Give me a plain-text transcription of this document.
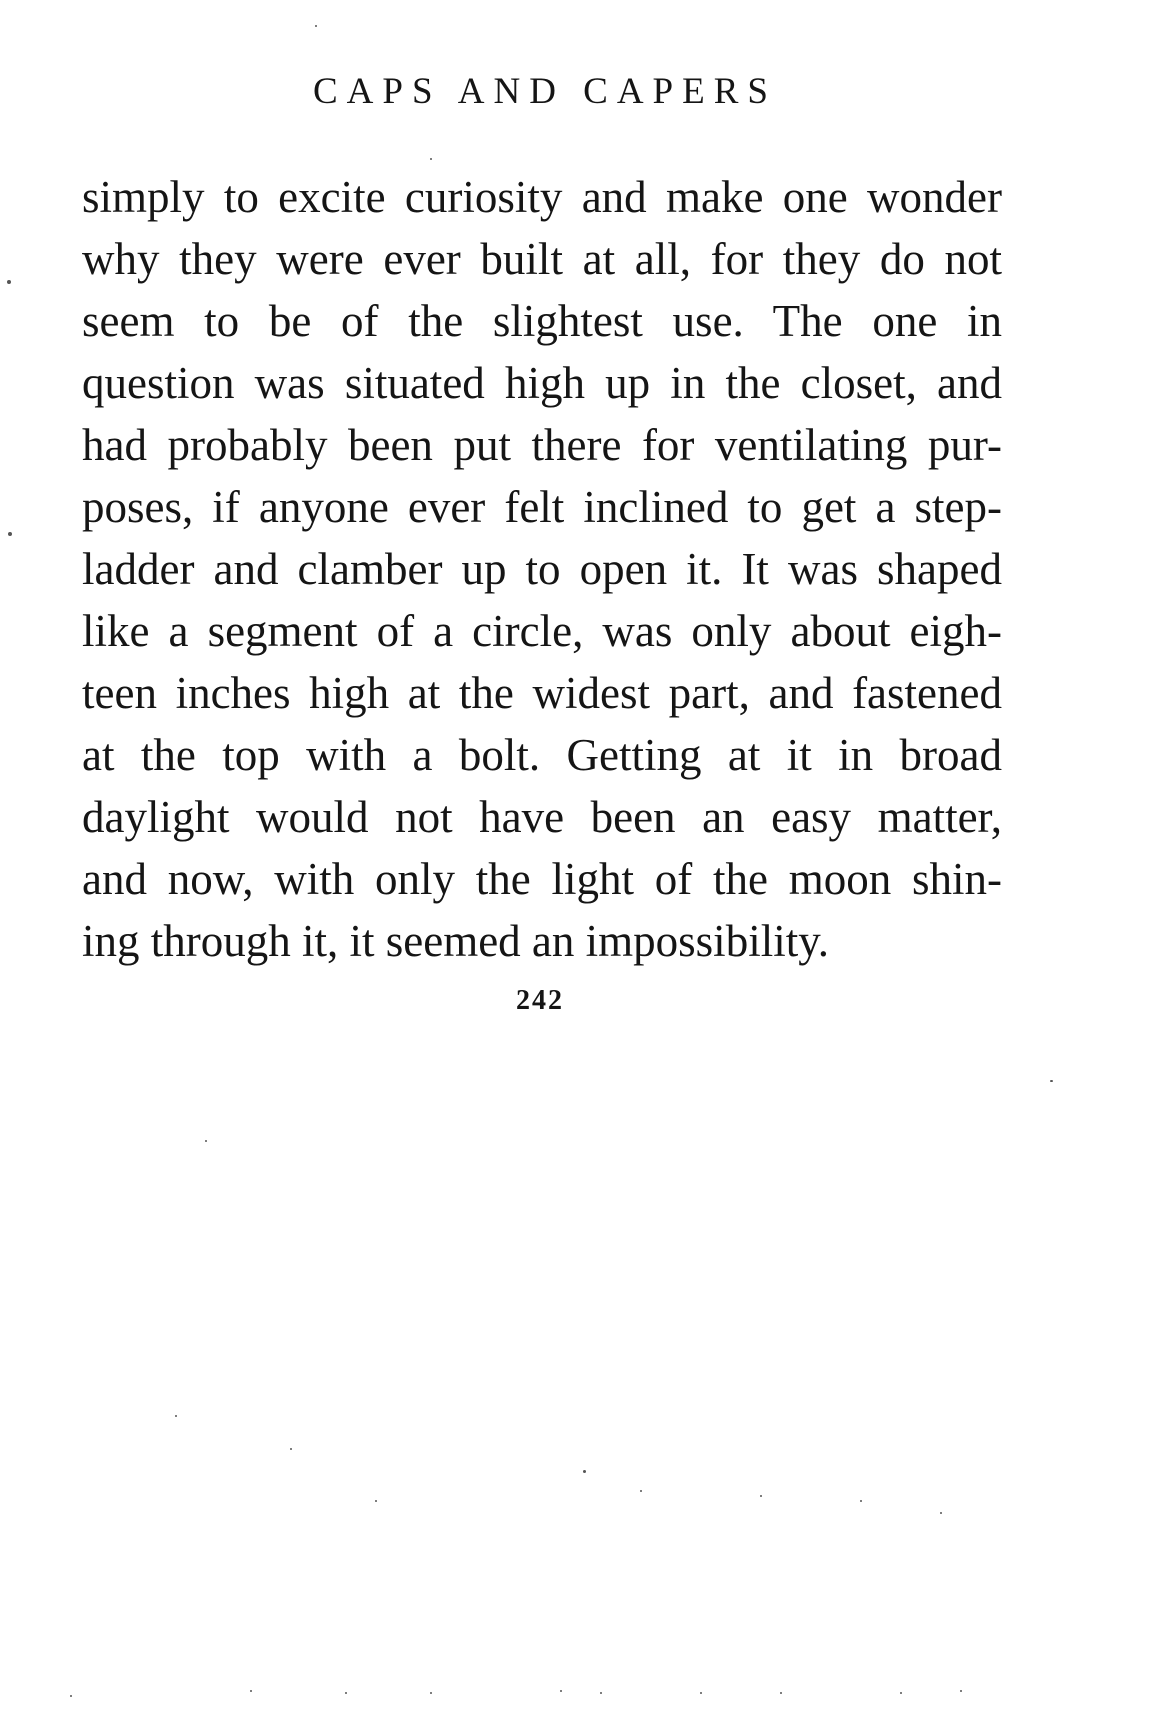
CAPS AND CAPERS
simply to excite curiosity and make one wonder
why they were ever built at all, for they do not
seem to be of the slightest use. The one in
question was situated high up in the closet, and
had probably been put there for ventilating pur-
poses, if anyone ever felt inclined to get a step-
ladder and clamber up to open it. It was shaped
like a segment of a circle, was only about eigh-
teen inches high at the widest part, and fastened
at the top with a bolt. Getting at it in broad
daylight would not have been an easy matter,
and now, with only the light of the moon shin-
ing through it, it seemed an impossibility.
242
